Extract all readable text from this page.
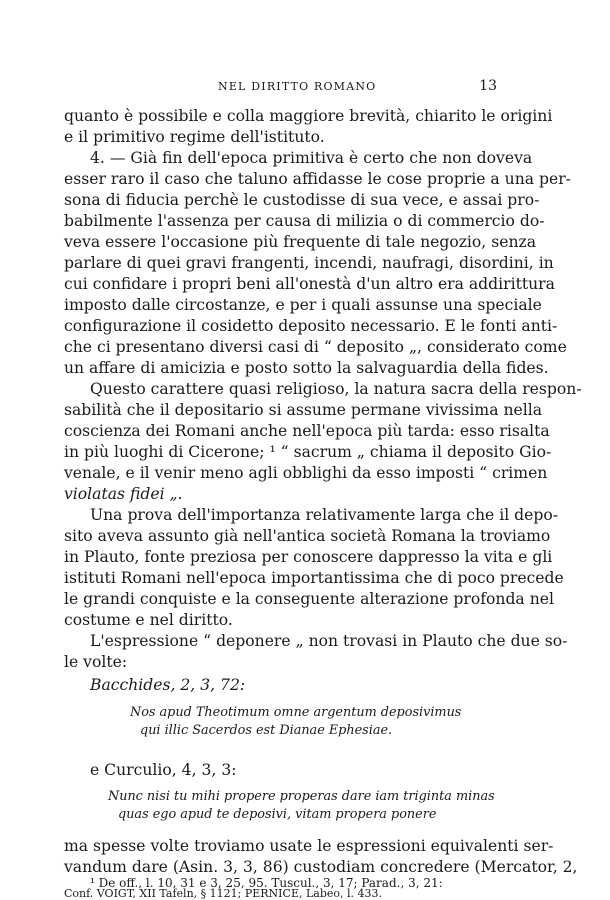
NEL DIRITTO ROMANO	13
quanto è possibile e colla maggiore brevità, chiarito le origini
e il primitivo regime dell'istituto.
4. — Già fin dell'epoca primitiva è certo che non doveva
esser raro il caso che taluno affidasse le cose proprie a una per-
sona di fiducia perchè le custodisse di sua vece, e assai pro-
babilmente l'assenza per causa di milizia o di commercio do-
veva essere l'occasione più frequente di tale negozio, senza
parlare di quei gravi frangenti, incendi, naufragi, disordini, in
cui confidare i propri beni all'onestà d'un altro era addirittura
imposto dalle circostanze, e per i quali assunse una speciale
configurazione il cosidetto deposito necessario. E le fonti anti-
che ci presentano diversi casi di “ deposito „, considerato come
un affare di amicizia e posto sotto la salvaguardia della fides.
Questo carattere quasi religioso, la natura sacra della respon-
sabilità che il depositario si assume permane vivissima nella
coscienza dei Romani anche nell'epoca più tarda: esso risalta
in più luoghi di Cicerone; ¹ “ sacrum „ chiama il deposito Gio-
venale, e il venir meno agli obblighi da esso imposti “ crimen
violatas fidei „.
Una prova dell'importanza relativamente larga che il depo-
sito aveva assunto già nell'antica società Romana la troviamo
in Plauto, fonte preziosa per conoscere dappresso la vita e gli
istituti Romani nell'epoca importantissima che di poco precede
le grandi conquiste e la conseguente alterazione profonda nel
costume e nel diritto.
L'espressione “ deponere „ non trovasi in Plauto che due so-
le volte:
Bacchides, 2, 3, 72:
Nos apud Theotimum omne argentum deposivimus
qui illic Sacerdos est Dianae Ephesiae.
e Curculio, 4, 3, 3:
Nunc nisi tu mihi propere properas dare iam triginta minas
quas ego apud te deposivi, vitam propera ponere
ma spesse volte troviamo usate le espressioni equivalenti ser-
vandum dare (Asin. 3, 3, 86) custodiam concredere (Mercator, 2,
¹ De off., l. 10, 31 e 3, 25, 95. Tuscul., 3, 17; Parad., 3, 21:
Conf. VOIGT, XII Tafeln, § 1121; PERNICE, Labeo, l. 433.
